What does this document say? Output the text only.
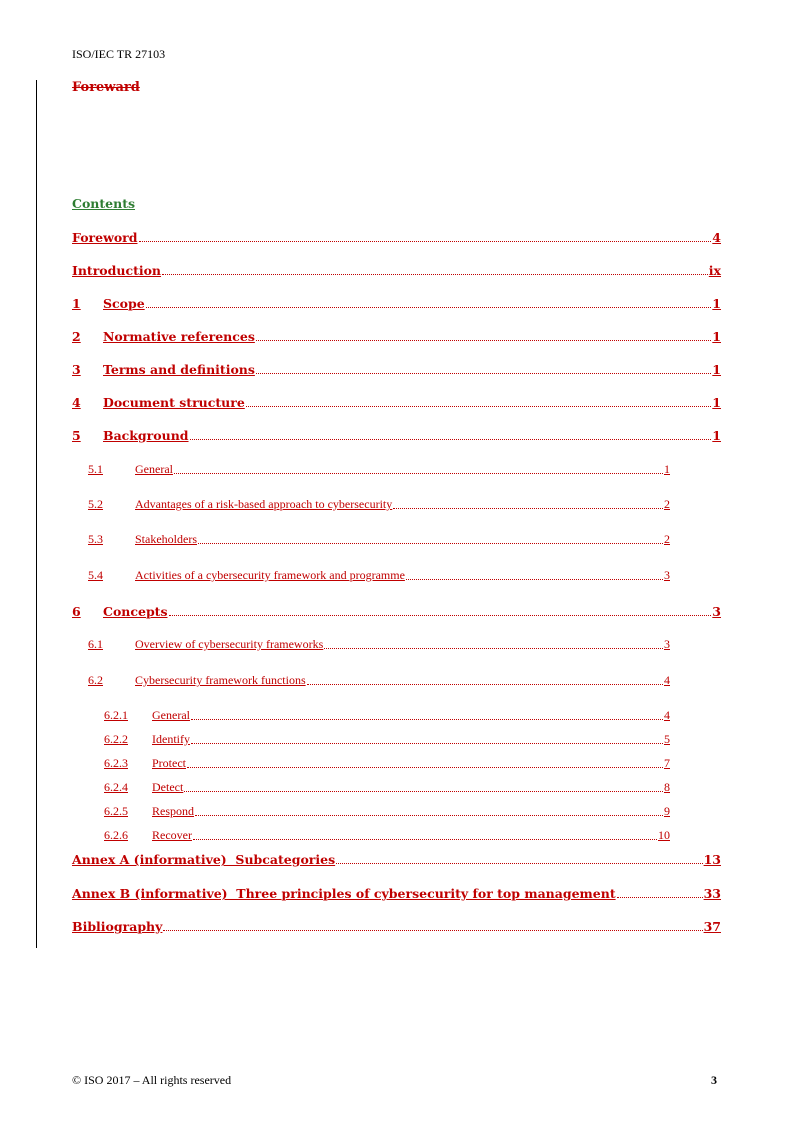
ISO/IEC TR 27103
Foreward
Contents
Foreword	4
Introduction	ix
1	Scope	1
2	Normative references	1
3	Terms and definitions	1
4	Document structure	1
5	Background	1
5.1	General	1
5.2	Advantages of a risk-based approach to cybersecurity	2
5.3	Stakeholders	2
5.4	Activities of a cybersecurity framework and programme	3
6	Concepts	3
6.1	Overview of cybersecurity frameworks	3
6.2	Cybersecurity framework functions	4
6.2.1	General	4
6.2.2	Identify	5
6.2.3	Protect	7
6.2.4	Detect	8
6.2.5	Respond	9
6.2.6	Recover	10
Annex A (informative)  Subcategories	13
Annex B (informative)  Three principles of cybersecurity for top management	33
Bibliography	37
© ISO 2017 – All rights reserved	3
